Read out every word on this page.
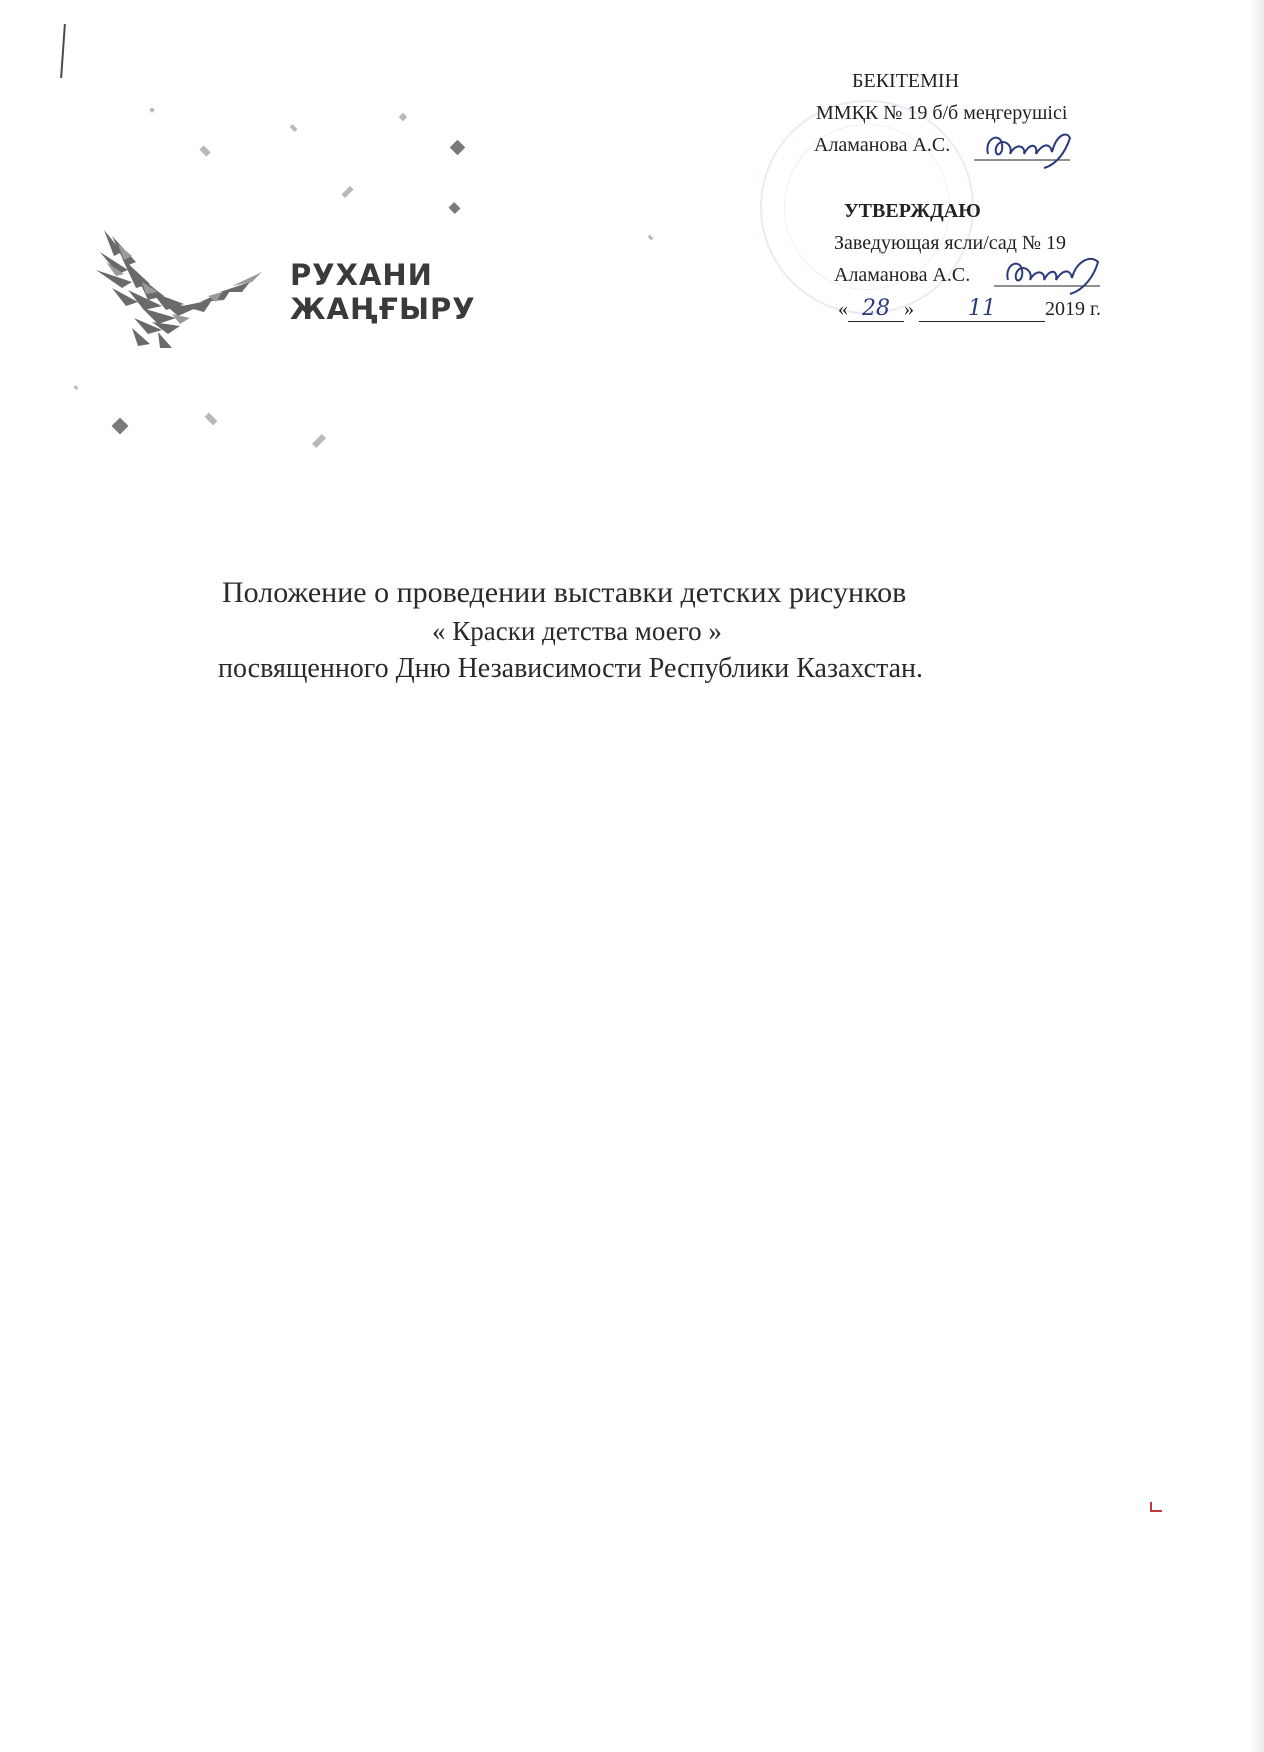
РУХАНИ
ЖАҢҒЫРУ
БЕКІТЕМІН
ММҚК № 19 б/б меңгерушісі
Аламанова А.С.
УТВЕРЖДАЮ
Заведующая ясли/сад № 19
Аламанова А.С.
« 28 » 11 2019 г.
Положение о проведении выставки детских рисунков
« Краски детства моего »
посвященного Дню Независимости Республики Казахстан.
